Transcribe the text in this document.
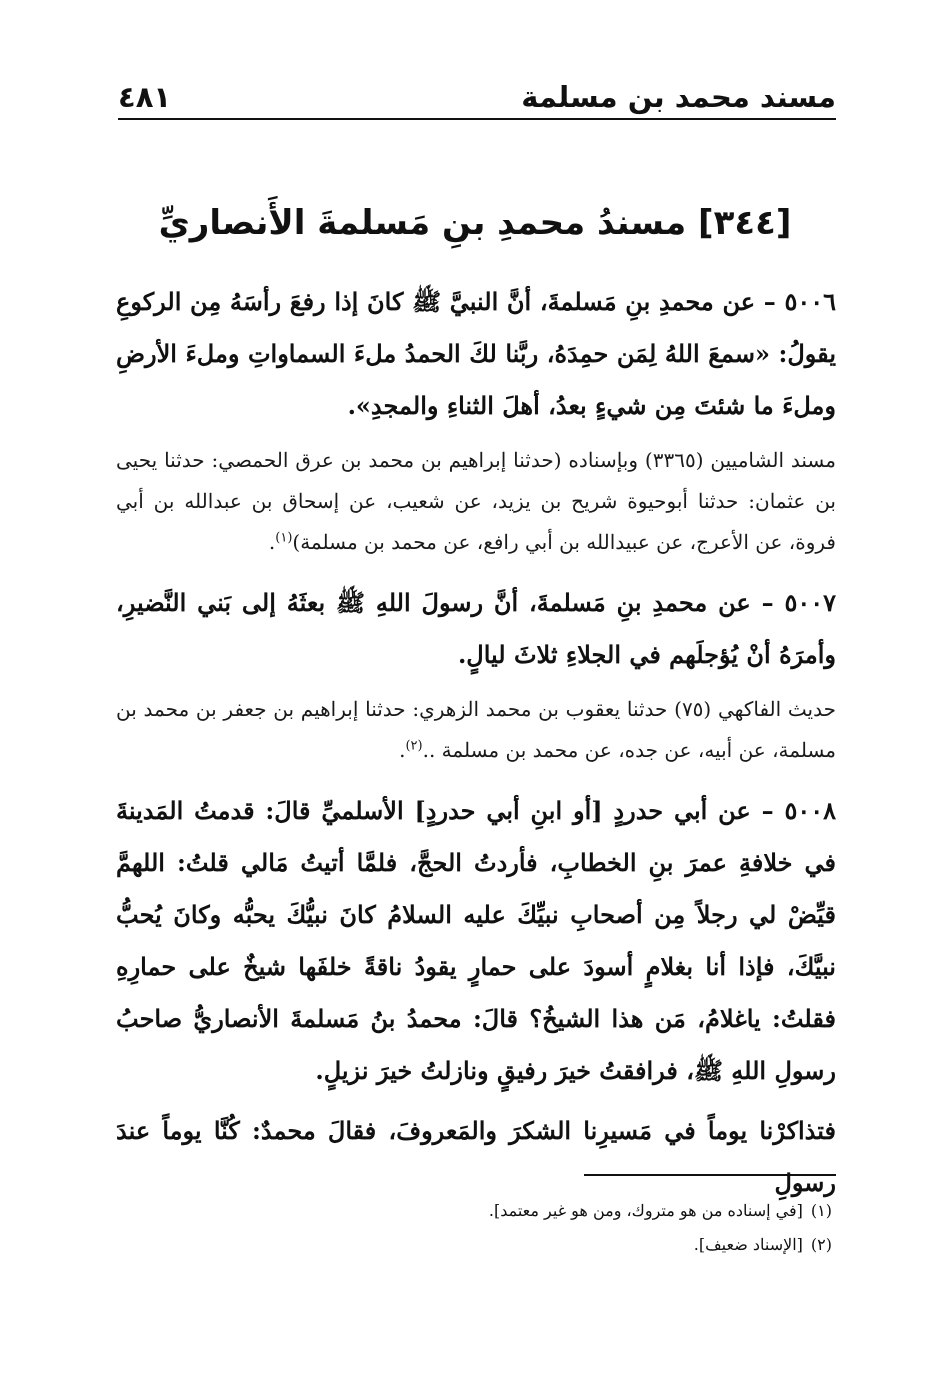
مسند محمد بن مسلمة
٤٨١
[٣٤٤] مسندُ محمدِ بنِ مَسلمةَ الأَنصاريِّ

٥٠٠٦ – عن محمدِ بنِ مَسلمةَ، أنَّ النبيَّ ﷺ كانَ إذا رفعَ رأسَهُ مِن الركوعِ يقولُ: «سمعَ اللهُ لِمَن حمِدَهُ، ربَّنا لكَ الحمدُ ملءَ السماواتِ وملءَ الأرضِ وملءَ ما شئتَ مِن شيءٍ بعدُ، أهلَ الثناءِ والمجدِ».

مسند الشاميين (٣٣٦٥) وبإسناده (حدثنا إبراهيم بن محمد بن عرق الحمصي: حدثنا يحيى بن عثمان: حدثنا أبوحيوة شريح بن يزيد، عن شعيب، عن إسحاق بن عبدالله بن أبي فروة، عن الأعرج، عن عبيدالله بن أبي رافع، عن محمد بن مسلمة)$^{(١)}$.

٥٠٠٧ – عن محمدِ بنِ مَسلمةَ، أنَّ رسولَ اللهِ ﷺ بعثَهُ إلى بَني النَّضيرِ، وأمرَهُ أنْ يُؤجلَهم في الجلاءِ ثلاثَ ليالٍ.

حديث الفاكهي (٧٥) حدثنا يعقوب بن محمد الزهري: حدثنا إبراهيم بن جعفر بن محمد بن مسلمة، عن أبيه، عن جده، عن محمد بن مسلمة ..$^{(٢)}$.

٥٠٠٨ – عن أبي حدردٍ [أو ابنِ أبي حدردٍ] الأسلميِّ قالَ: قدمتُ المَدينةَ في خلافةِ عمرَ بنِ الخطابِ، فأردتُ الحجَّ، فلمَّا أتيتُ مَالي قلتُ: اللهمَّ قيِّضْ لي رجلاً مِن أصحابِ نبيِّكَ عليه السلامُ كانَ نبيُّكَ يحبُّه وكانَ يُحبُّ نبيَّكَ، فإذا أنا بغلامٍ أسودَ على حمارٍ يقودُ ناقةً خلفَها شيخٌ على حمارِهِ فقلتُ: ياغلامُ، مَن هذا الشيخُ؟ قالَ: محمدُ بنُ مَسلمةَ الأنصاريُّ صاحبُ رسولِ اللهِ ﷺ، فرافقتُ خيرَ رفيقٍ ونازلتُ خيرَ نزيلٍ.

فتذاكرْنا يوماً في مَسيرِنا الشكرَ والمَعروفَ، فقالَ محمدٌ: كُنَّا يوماً عندَ رسولِ

(١)[في إسناده من هو متروك، ومن هو غير معتمد].
(٢)[الإسناد ضعيف].
